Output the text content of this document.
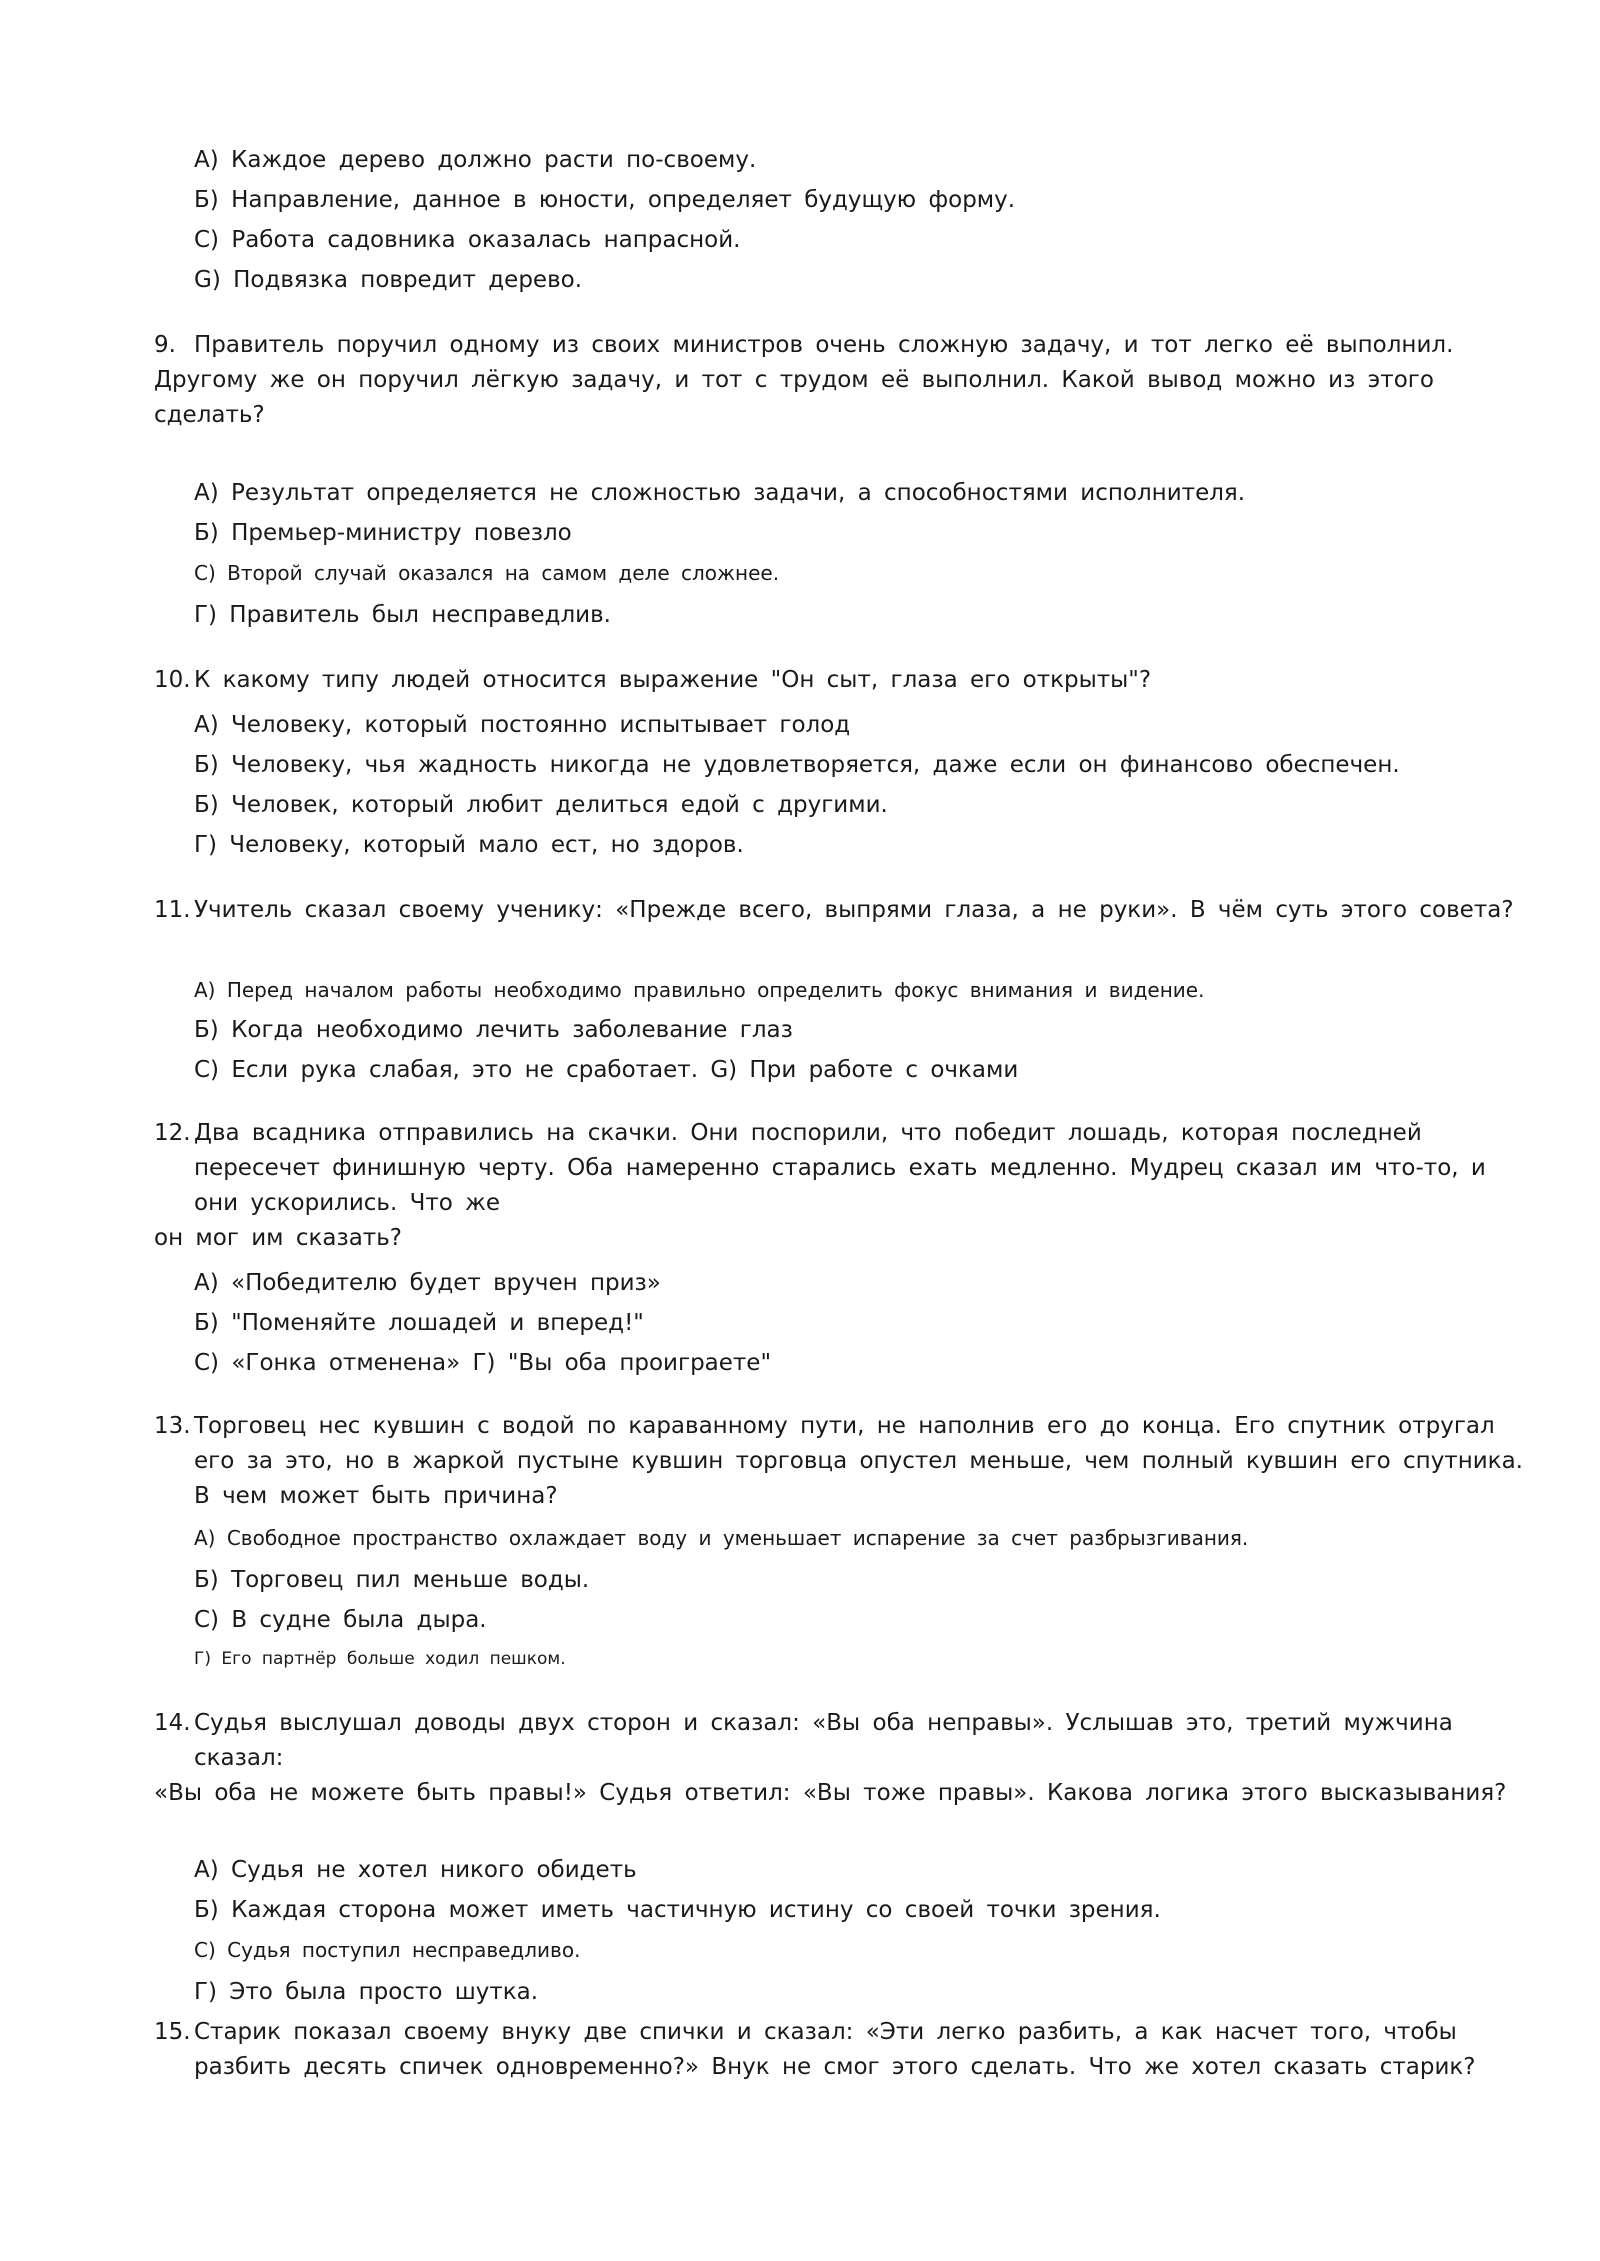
А) Каждое дерево должно расти по-своему.
Б) Направление, данное в юности, определяет будущую форму.
С) Работа садовника оказалась напрасной.
G) Подвязка повредит дерево.
9. Правитель поручил одному из своих министров очень сложную задачу, и тот легко её выполнил.
Другому же он поручил лёгкую задачу, и тот с трудом её выполнил. Какой вывод можно из этого
сделать?
А) Результат определяется не сложностью задачи, а способностями исполнителя.
Б) Премьер-министру повезло
С) Второй случай оказался на самом деле сложнее.
Г) Правитель был несправедлив.
10. К какому типу людей относится выражение "Он сыт, глаза его открыты"?
А) Человеку, который постоянно испытывает голод
Б) Человеку, чья жадность никогда не удовлетворяется, даже если он финансово обеспечен.
Б) Человек, который любит делиться едой с другими.
Г) Человеку, который мало ест, но здоров.
11. Учитель сказал своему ученику: «Прежде всего, выпрями глаза, а не руки». В чём суть этого совета?
А) Перед началом работы необходимо правильно определить фокус внимания и видение.
Б) Когда необходимо лечить заболевание глаз
С) Если рука слабая, это не сработает. G) При работе с очками
12. Два всадника отправились на скачки. Они поспорили, что победит лошадь, которая последней
пересечет финишную черту. Оба намеренно старались ехать медленно. Мудрец сказал им что-то, и
они ускорились. Что же
он мог им сказать?
А) «Победителю будет вручен приз»
Б) "Поменяйте лошадей и вперед!"
С) «Гонка отменена» Г) "Вы оба проиграете"
13. Торговец нес кувшин с водой по караванному пути, не наполнив его до конца. Его спутник отругал
его за это, но в жаркой пустыне кувшин торговца опустел меньше, чем полный кувшин его спутника.
В чем может быть причина?
А) Свободное пространство охлаждает воду и уменьшает испарение за счет разбрызгивания.
Б) Торговец пил меньше воды.
С) В судне была дыра.
Г) Его партнёр больше ходил пешком.
14. Судья выслушал доводы двух сторон и сказал: «Вы оба неправы». Услышав это, третий мужчина
сказал:
«Вы оба не можете быть правы!» Судья ответил: «Вы тоже правы». Какова логика этого высказывания?
А) Судья не хотел никого обидеть
Б) Каждая сторона может иметь частичную истину со своей точки зрения.
С) Судья поступил несправедливо.
Г) Это была просто шутка.
15. Старик показал своему внуку две спички и сказал: «Эти легко разбить, а как насчет того, чтобы
разбить десять спичек одновременно?» Внук не смог этого сделать. Что же хотел сказать старик?
